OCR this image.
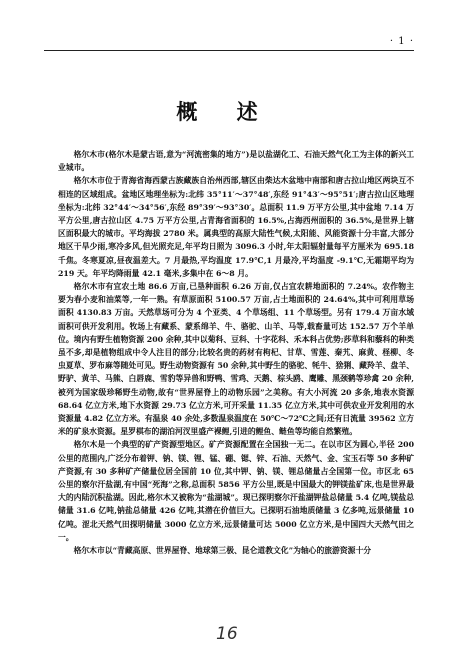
· 1 ·
概 述

格尔木市(格尔木是蒙古语,意为“河流密集的地方”)是以盐湖化工、石油天然气化工为主体的新兴工业城市。

格尔木市位于青海省海西蒙古族藏族自治州西部,辖区由柴达木盆地中南部和唐古拉山地区两块互不相连的区域组成。盆地区地理坐标为:北纬 35°11′～37°48′,东经 91°43′～95°51′;唐古拉山区地理坐标为:北纬 32°44′～34°56′,东经 89°39′～93°30′。总面积 11.9 万平方公里,其中盆地 7.14 万平方公里,唐古拉山区 4.75 万平方公里,占青海省面积的 16.5%,占海西州面积的 36.5%,是世界上辖区面积最大的城市。平均海拔 2780 米。属典型的高原大陆性气候,太阳能、风能资源十分丰富,大部分地区干旱少雨,寒冷多风,但光照充足,年平均日照为 3096.3 小时,年太阳辐射量每平方厘米为 695.18 千焦。冬寒夏凉,昼夜温差大。7 月最热,平均温度 17.9℃,1 月最冷,平均温度 -9.1℃,无霜期平均为 219 天。年平均降雨量 42.1 毫米,多集中在 6～8 月。

格尔木市有宜农土地 86.6 万亩,已垦种面积 6.26 万亩,仅占宜农耕地面积的 7.24%。农作物主要为春小麦和油菜等,一年一熟。有草原面积 5100.57 万亩,占土地面积的 24.64%,其中可利用草场面积 4130.83 万亩。天然草场可分为 4 个亚类、4 个草场组、11 个草场型。另有 179.4 万亩水域面积可供开发利用。牧场上有藏系、蒙系绵羊、牛、骆驼、山羊、马等,载畜量可达 152.57 万个羊单位。境内有野生植物资源 200 余种,其中以菊科、豆科、十字花科、禾本科占优势;莎草科和藜科的种类虽不多,却是植物组成中令人注目的部分;比较名贵的药材有枸杞、甘草、雪莲、秦艽、麻黄、柽柳、冬虫夏草、罗布麻等随处可见。野生动物资源有 50 余种,其中野生的骆驼、牦牛、猞猁、藏羚羊、盘羊、野驴、黄羊、马熊、白唇鹿、雪豹等异兽和野鸭、雪鸡、天鹅、棕头鸥、鹰雕、黑颈鹤等珍禽 20 余种,被列为国家级珍稀野生动物,故有“世界屋脊上的动物乐园”之美称。有大小河流 20 多条,地表水资源 68.64 亿立方米,地下水资源 29.73 亿立方米,可开采量 11.35 亿立方米,其中可供农业开发利用的水资源量 4.82 亿立方米。有温泉 40 余处,多数温泉温度在 50℃～72℃之间;还有日流量 39562 立方米的矿泉水资源。星罗棋布的湖泊河汊里盛产裸鲤,引进的鲤鱼、鲢鱼等均能自然繁殖。

格尔木是一个典型的矿产资源型地区。矿产资源配置在全国独一无二。在以市区为圆心,半径 200 公里的范围内,广泛分布着钾、钠、镁、锂、锰、硼、锶、锌、石油、天然气、金、宝玉石等 50 多种矿产资源,有 30 多种矿产储量位居全国前 10 位,其中钾、钠、镁、锂总储量占全国第一位。市区北 65 公里的察尔汗盐湖,有中国“死海”之称,总面积 5856 平方公里,既是中国最大的钾镁盐矿床,也是世界最大的内陆沉积盐湖。因此,格尔木又被称为“盐湖城”。现已探明察尔汗盐湖钾盐总储量 5.4 亿吨,镁盐总储量 31.6 亿吨,钠盐总储量 426 亿吨,其潜在价值巨大。已探明石油地质储量 3 亿多吨,远景储量 10 亿吨。涩北天然气田探明储量 3000 亿立方米,远景储量可达 5000 亿立方米,是中国四大天然气田之一。

格尔木市以“青藏高原、世界屋脊、地球第三极、昆仑道教文化”为轴心的旅游资源十分

16
